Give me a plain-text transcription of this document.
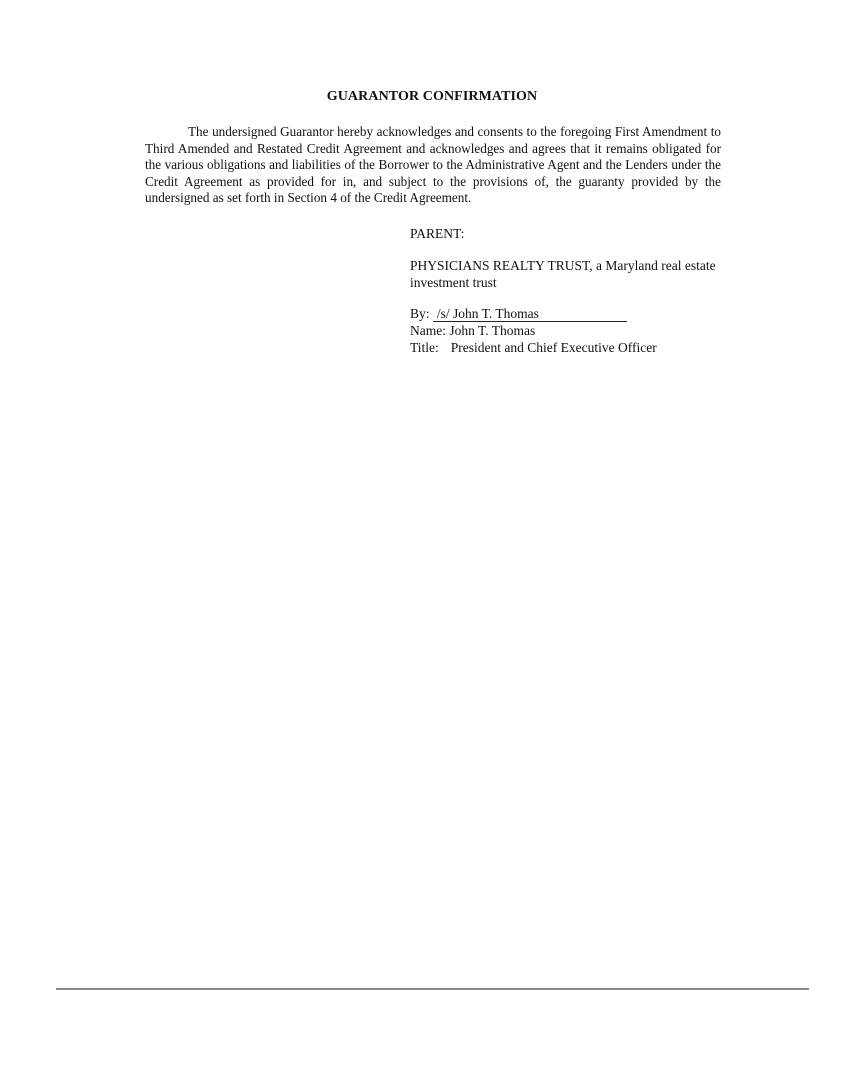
GUARANTOR CONFIRMATION
The undersigned Guarantor hereby acknowledges and consents to the foregoing First Amendment to Third Amended and Restated Credit Agreement and acknowledges and agrees that it remains obligated for the various obligations and liabilities of the Borrower to the Administrative Agent and the Lenders under the Credit Agreement as provided for in, and subject to the provisions of, the guaranty provided by the undersigned as set forth in Section 4 of the Credit Agreement.
PARENT:
PHYSICIANS REALTY TRUST, a Maryland real estate investment trust
By: /s/ John T. Thomas
Name: John T. Thomas
Title: President and Chief Executive Officer
